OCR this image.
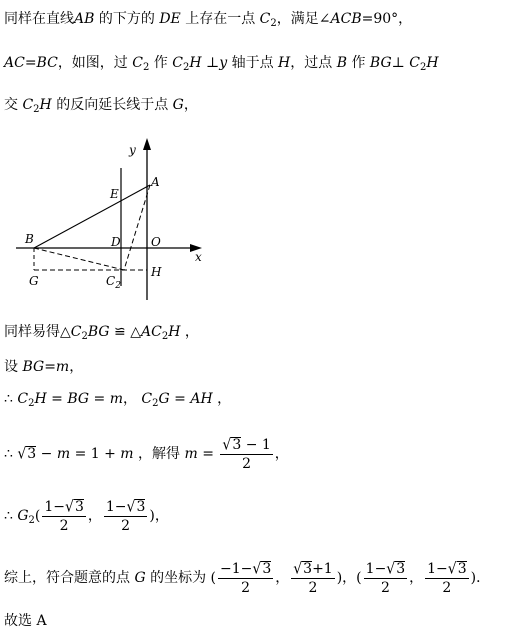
同样在直线AB 的下方的 DE 上存在一点 $C_2$，满足∠ACB=90°，
AC=BC，如图，过 $C_2$ 作 $C_2H$ ⊥y 轴于点 H，过点 B 作 BG⊥ $C_2H$
交 $C_2H$ 的反向延长线于点 G，
y
x
E
A
B	D	O
G	$C_2$
H
同样易得$\triangle C_2BG$ ≌ $\triangle AC_2H$ ，
设 BG=m，
∴ $C_2H$ = BG = m， $C_2G$ = AH ，
∴ √3 − m = 1 + m ，解得 $m = \frac{√3 - 1}{2}$ ，
∴ $G_2( \frac{1-√3}{2}$ ， $\frac{1-√3}{2}$ )，
综上，符合题意的点 G 的坐标为 ( $\frac{-1-√3}{2}$ ， $\frac{√3+1}{2}$ )，( $\frac{1-√3}{2}$ ， $\frac{1-√3}{2}$ )．
故选 A
